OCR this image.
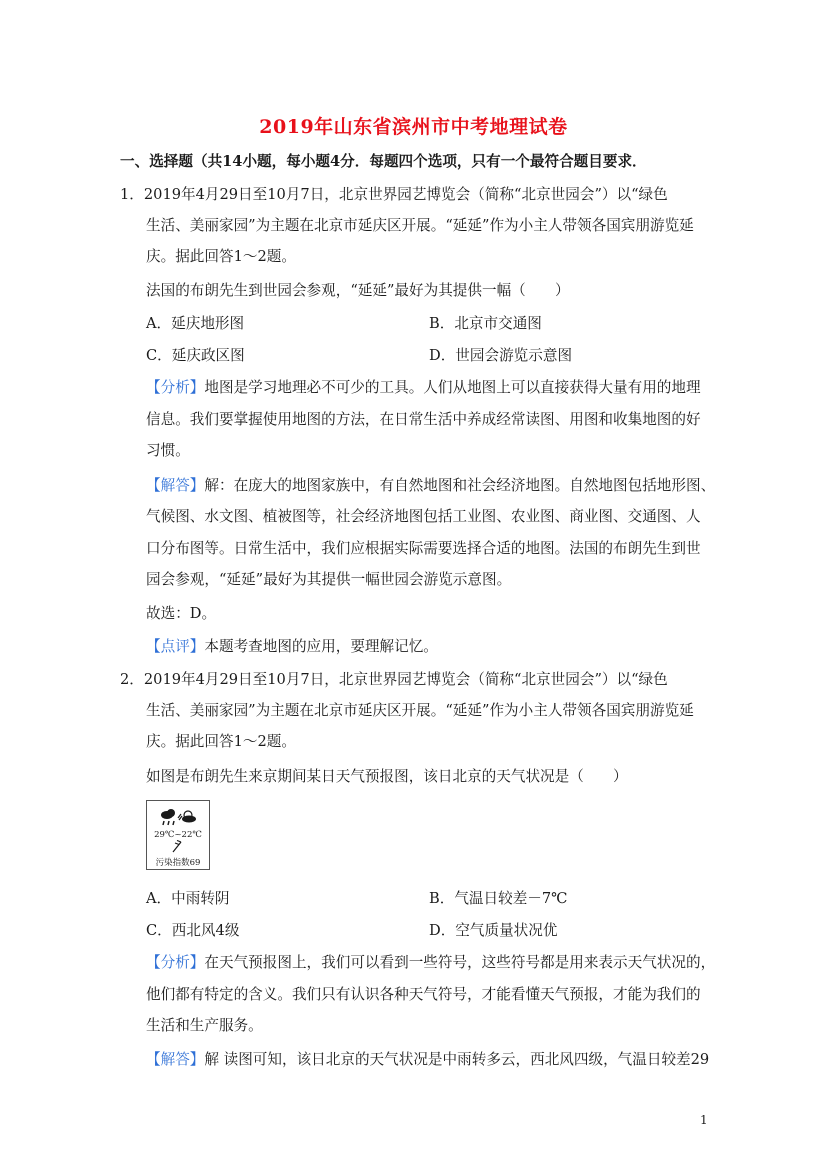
2019年山东省滨州市中考地理试卷
一、选择题（共14小题，每小题4分．每题四个选项，只有一个最符合题目要求．
1．2019年4月29日至10月7日，北京世界园艺博览会（简称“北京世园会”）以“绿色
生活、美丽家园”为主题在北京市延庆区开展。“延延”作为小主人带领各国宾朋游览延
庆。据此回答1～2题。
法国的布朗先生到世园会参观，“延延”最好为其提供一幅（　　）
A．延庆地形图	B．北京市交通图
C．延庆政区图	D．世园会游览示意图
【分析】地图是学习地理必不可少的工具。人们从地图上可以直接获得大量有用的地理
信息。我们要掌握使用地图的方法，在日常生活中养成经常读图、用图和收集地图的好
习惯。
【解答】解：在庞大的地图家族中，有自然地图和社会经济地图。自然地图包括地形图、
气候图、水文图、植被图等，社会经济地图包括工业图、农业图、商业图、交通图、人
口分布图等。日常生活中，我们应根据实际需要选择合适的地图。法国的布朗先生到世
园会参观，“延延”最好为其提供一幅世园会游览示意图。
故选：D。
【点评】本题考查地图的应用，要理解记忆。
2．2019年4月29日至10月7日，北京世界园艺博览会（简称“北京世园会”）以“绿色
生活、美丽家园”为主题在北京市延庆区开展。“延延”作为小主人带领各国宾朋游览延
庆。据此回答1～2题。
如图是布朗先生来京期间某日天气预报图，该日北京的天气状况是（　　）
29℃~22℃
污染指数69
A．中雨转阴	B．气温日较差－7℃
C．西北风4级	D．空气质量状况优
【分析】在天气预报图上，我们可以看到一些符号，这些符号都是用来表示天气状况的，
他们都有特定的含义。我们只有认识各种天气符号，才能看懂天气预报，才能为我们的
生活和生产服务。
【解答】解 读图可知，该日北京的天气状况是中雨转多云，西北风四级，气温日较差29
1
